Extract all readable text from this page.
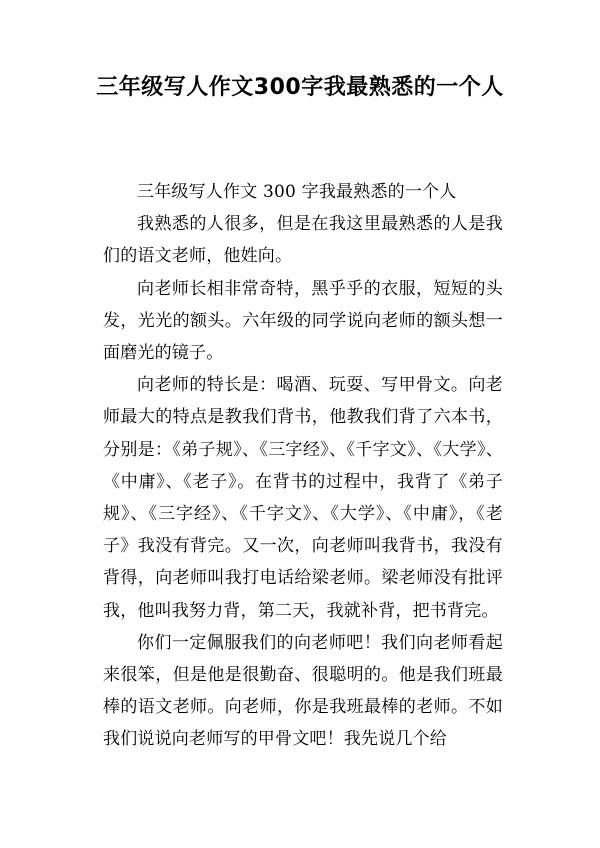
三年级写人作文300字我最熟悉的一个人

三年级写人作文 300 字我最熟悉的一个人

我熟悉的人很多，但是在我这里最熟悉的人是我们的语文老师，他姓向。

向老师长相非常奇特，黑乎乎的衣服，短短的头发，光光的额头。六年级的同学说向老师的额头想一面磨光的镜子。

向老师的特长是：喝酒、玩耍、写甲骨文。向老师最大的特点是教我们背书，他教我们背了六本书，分别是：《弟子规》、《三字经》、《千字文》、《大学》、《中庸》、《老子》。在背书的过程中，我背了《弟子规》、《三字经》、《千字文》、《大学》、《中庸》，《老子》我没有背完。又一次，向老师叫我背书，我没有背得，向老师叫我打电话给梁老师。梁老师没有批评我，他叫我努力背，第二天，我就补背，把书背完。

你们一定佩服我们的向老师吧！我们向老师看起来很笨，但是他是很勤奋、很聪明的。他是我们班最棒的语文老师。向老师，你是我班最棒的老师。不如我们说说向老师写的甲骨文吧！我先说几个给
